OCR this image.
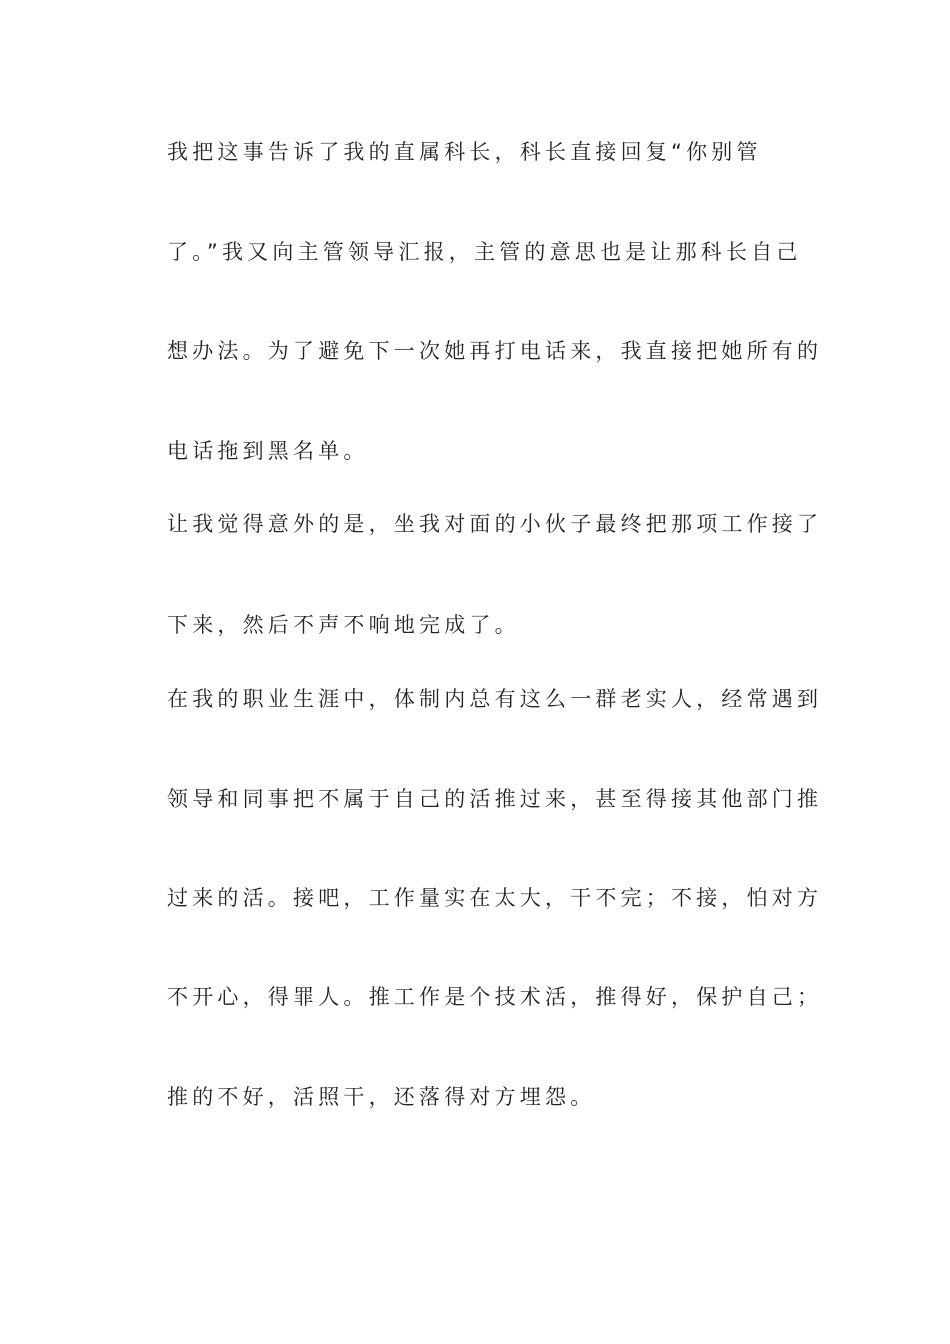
我把这事告诉了我的直属科长，科长直接回复“你别管
了。”我又向主管领导汇报，主管的意思也是让那科长自己
想办法。为了避免下一次她再打电话来，我直接把她所有的
电话拖到黑名单。
让我觉得意外的是，坐我对面的小伙子最终把那项工作接了
下来，然后不声不响地完成了。
在我的职业生涯中，体制内总有这么一群老实人，经常遇到
领导和同事把不属于自己的活推过来，甚至得接其他部门推
过来的活。接吧，工作量实在太大，干不完；不接，怕对方
不开心，得罪人。推工作是个技术活，推得好，保护自己；
推的不好，活照干，还落得对方埋怨。
